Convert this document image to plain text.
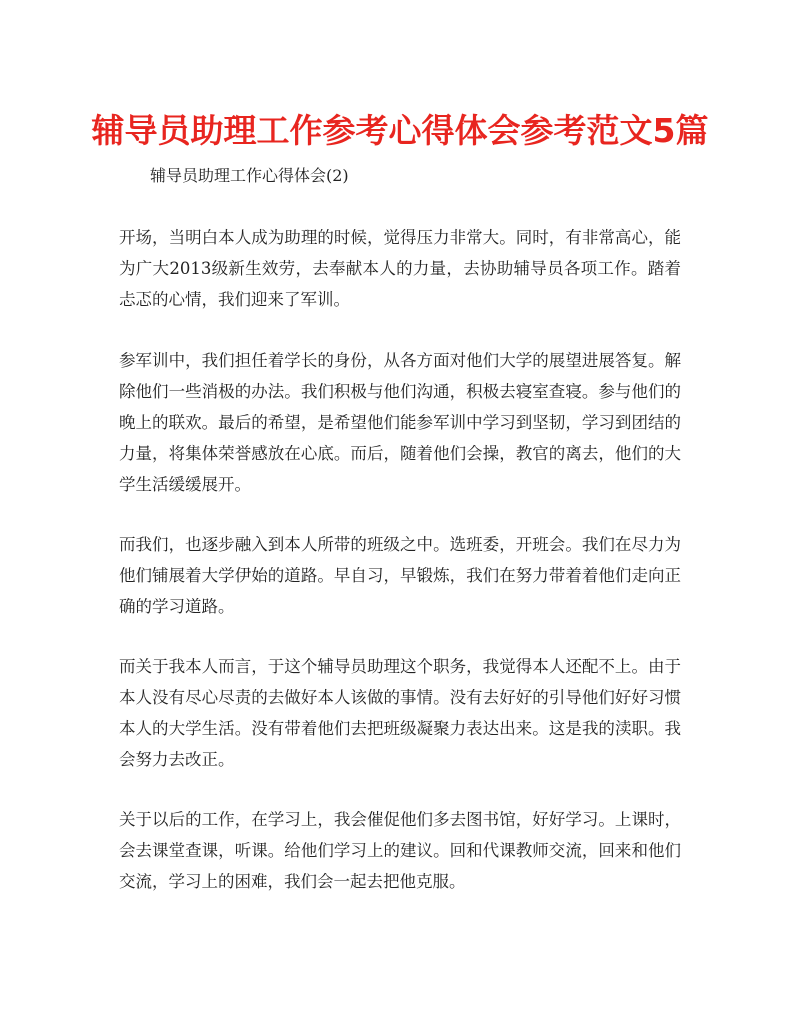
辅导员助理工作参考心得体会参考范文5篇
辅导员助理工作心得体会(2)

开场，当明白本人成为助理的时候，觉得压力非常大。同时，有非常高心，能为广大2013级新生效劳，去奉献本人的力量，去协助辅导员各项工作。踏着忐忑的心情，我们迎来了军训。

参军训中，我们担任着学长的身份，从各方面对他们大学的展望进展答复。解除他们一些消极的办法。我们积极与他们沟通，积极去寝室查寝。参与他们的晚上的联欢。最后的希望，是希望他们能参军训中学习到坚韧，学习到团结的力量，将集体荣誉感放在心底。而后，随着他们会操，教官的离去，他们的大学生活缓缓展开。

而我们，也逐步融入到本人所带的班级之中。选班委，开班会。我们在尽力为他们铺展着大学伊始的道路。早自习，早锻炼，我们在努力带着着他们走向正确的学习道路。

而关于我本人而言，于这个辅导员助理这个职务，我觉得本人还配不上。由于本人没有尽心尽责的去做好本人该做的事情。没有去好好的引导他们好好习惯本人的大学生活。没有带着他们去把班级凝聚力表达出来。这是我的渎职。我会努力去改正。

关于以后的工作，在学习上，我会催促他们多去图书馆，好好学习。上课时，会去课堂查课，听课。给他们学习上的建议。回和代课教师交流，回来和他们交流，学习上的困难，我们会一起去把他克服。
